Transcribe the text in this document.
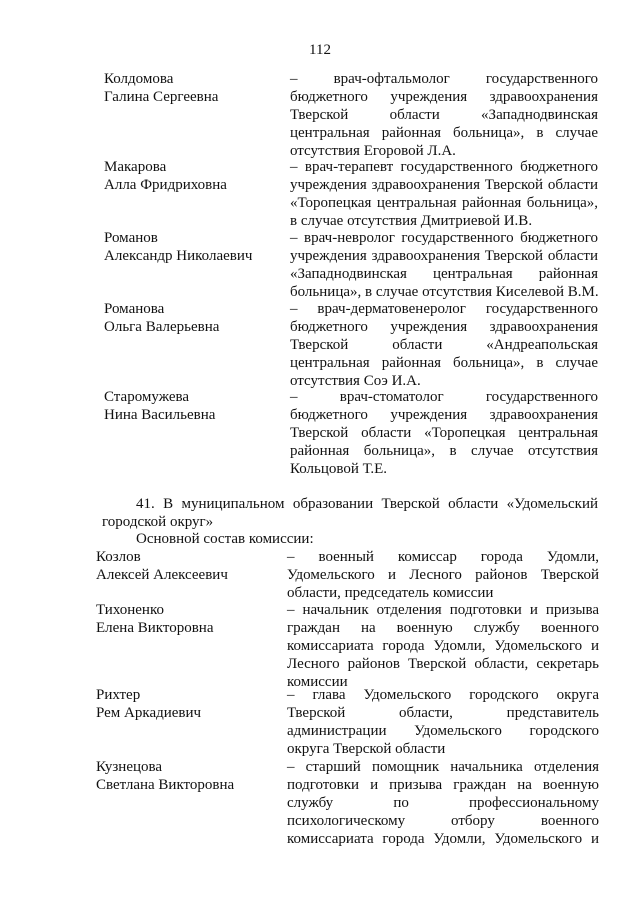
112
Колдомова
Галина Сергеевна
– врач-офтальмолог государственного
бюджетного учреждения здравоохранения
Тверской области «Западнодвинская
центральная районная больница», в случае
отсутствия Егоровой Л.А.
Макарова
Алла Фридриховна
– врач-терапевт государственного бюджетного
учреждения здравоохранения Тверской области
«Торопецкая центральная районная больница»,
в случае отсутствия Дмитриевой И.В.
Романов
Александр Николаевич
– врач-невролог государственного бюджетного
учреждения здравоохранения Тверской области
«Западнодвинская центральная районная
больница», в случае отсутствия Киселевой В.М.
Романова
Ольга Валерьевна
– врач-дерматовенеролог государственного
бюджетного учреждения здравоохранения
Тверской области «Андреапольская
центральная районная больница», в случае
отсутствия Соэ И.А.
Старомужева
Нина Васильевна
– врач-стоматолог государственного
бюджетного учреждения здравоохранения
Тверской области «Торопецкая центральная
районная больница», в случае отсутствия
Кольцовой Т.Е.
41. В муниципальном образовании Тверской области «Удомельский
городской округ»
Основной состав комиссии:
Козлов
Алексей Алексеевич
– военный комиссар города Удомли,
Удомельского и Лесного районов Тверской
области, председатель комиссии
Тихоненко
Елена Викторовна
– начальник отделения подготовки и призыва
граждан на военную службу военного
комиссариата города Удомли, Удомельского и
Лесного районов Тверской области, секретарь
комиссии
Рихтер
Рем Аркадиевич
– глава Удомельского городского округа
Тверской области, представитель
администрации Удомельского городского
округа Тверской области
Кузнецова
Светлана Викторовна
– старший помощник начальника отделения
подготовки и призыва граждан на военную
службу по профессиональному
психологическому отбору военного
комиссариата города Удомли, Удомельского и
